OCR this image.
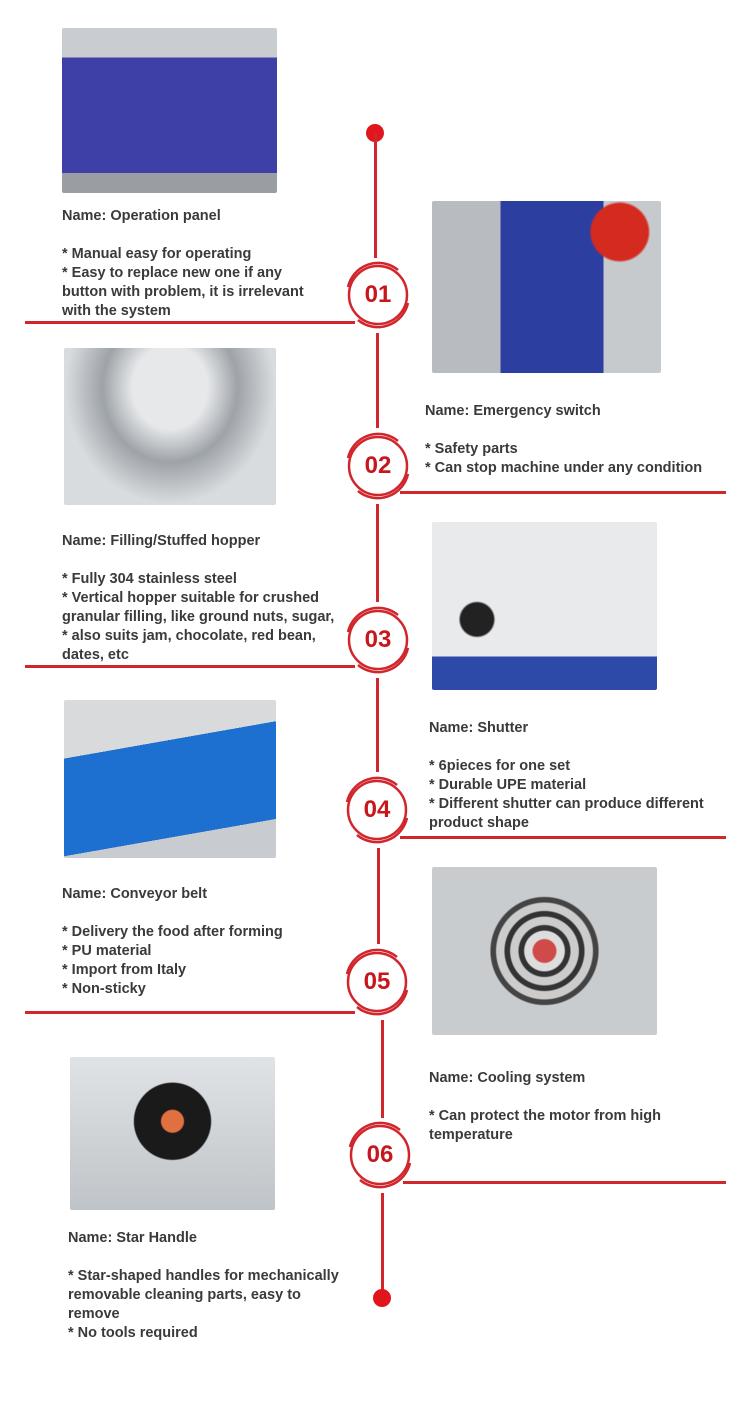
01
02
03
04
05
06
Name: Operation panel
* Manual easy for operating
* Easy to replace new one if any button with problem, it is irrelevant with the system
Name: Emergency switch
* Safety parts
* Can stop machine under any condition
Name: Filling/Stuffed hopper
* Fully 304 stainless steel
* Vertical hopper suitable for crushed granular filling, like ground nuts, sugar,
* also suits jam, chocolate, red bean, dates, etc
Name: Shutter
* 6pieces for one set
* Durable UPE material
* Different shutter can produce different product shape
Name: Conveyor belt
* Delivery the food after forming
* PU material
* Import from Italy
* Non-sticky
Name: Cooling system
* Can protect the motor from high temperature
Name: Star Handle
* Star-shaped handles for mechanically removable cleaning parts, easy to remove
* No tools required
